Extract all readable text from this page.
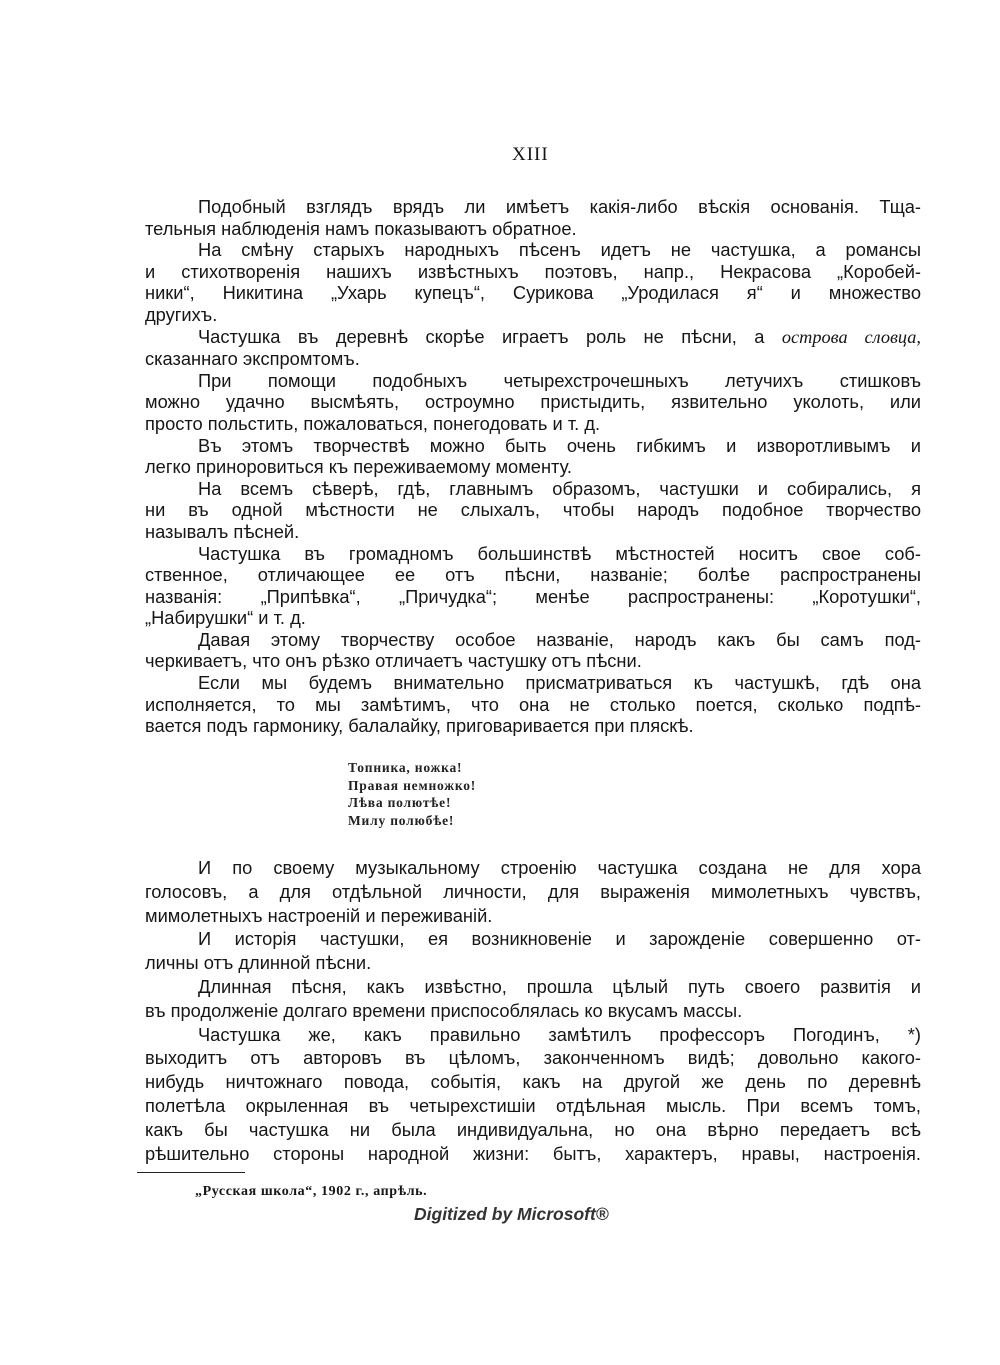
XIII
Подобный взглядъ врядъ ли имѣетъ какія-либо вѣскія основанія. Тща-
тельныя наблюденія намъ показываютъ обратное.
На смѣну старыхъ народныхъ пѣсенъ идетъ не частушка, а романсы
и стихотворенія нашихъ извѣстныхъ поэтовъ, напр., Некрасова „Коробей-
ники“, Никитина „Ухарь купецъ“, Сурикова „Уродилася я“ и множество
другихъ.
Частушка въ деревнѣ скорѣе играетъ роль не пѣсни, а острова словца,
сказаннаго экспромтомъ.
При помощи подобныхъ четырехстрочешныхъ летучихъ стишковъ
можно удачно высмѣять, остроумно пристыдить, язвительно уколоть, или
просто польстить, пожаловаться, понегодовать и т. д.
Въ этомъ творчествѣ можно быть очень гибкимъ и изворотливымъ и
легко приноровиться къ переживаемому моменту.
На всемъ сѣверѣ, гдѣ, главнымъ образомъ, частушки и собирались, я
ни въ одной мѣстности не слыхалъ, чтобы народъ подобное творчество
называлъ пѣсней.
Частушка въ громадномъ большинствѣ мѣстностей носитъ свое соб-
ственное, отличающее ее отъ пѣсни, названіе; болѣе распространены
названія: „Припѣвка“, „Причудка“; менѣе распространены: „Коротушки“,
„Набирушки“ и т. д.
Давая этому творчеству особое названіе, народъ какъ бы самъ под-
черкиваетъ, что онъ рѣзко отличаетъ частушку отъ пѣсни.
Если мы будемъ внимательно присматриваться къ частушкѣ, гдѣ она
исполняется, то мы замѣтимъ, что она не столько поется, сколько подпѣ-
вается подъ гармонику, балалайку, приговаривается при пляскѣ.
Топника, ножка!
Правая немножко!
Лѣва полютѣе!
Милу полюбѣе!
И по своему музыкальному строенію частушка создана не для хора
голосовъ, а для отдѣльной личности, для выраженія мимолетныхъ чувствъ,
мимолетныхъ настроеній и переживаній.
И исторія частушки, ея возникновеніе и зарожденіе совершенно от-
личны отъ длинной пѣсни.
Длинная пѣсня, какъ извѣстно, прошла цѣлый путь своего развитія и
въ продолженіе долгаго времени приспособлялась ко вкусамъ массы.
Частушка же, какъ правильно замѣтилъ профессоръ Погодинъ, *)
выходитъ отъ авторовъ въ цѣломъ, законченномъ видѣ; довольно какого-
нибудь ничтожнаго повода, событія, какъ на другой же день по деревнѣ
полетѣла окрыленная въ четырехстишіи отдѣльная мысль. При всемъ томъ,
какъ бы частушка ни была индивидуальна, но она вѣрно передаетъ всѣ
рѣшительно стороны народной жизни: бытъ, характеръ, нравы, настроенія.
„Русская школа“, 1902 г., апрѣль.
Digitized by Microsoft®
